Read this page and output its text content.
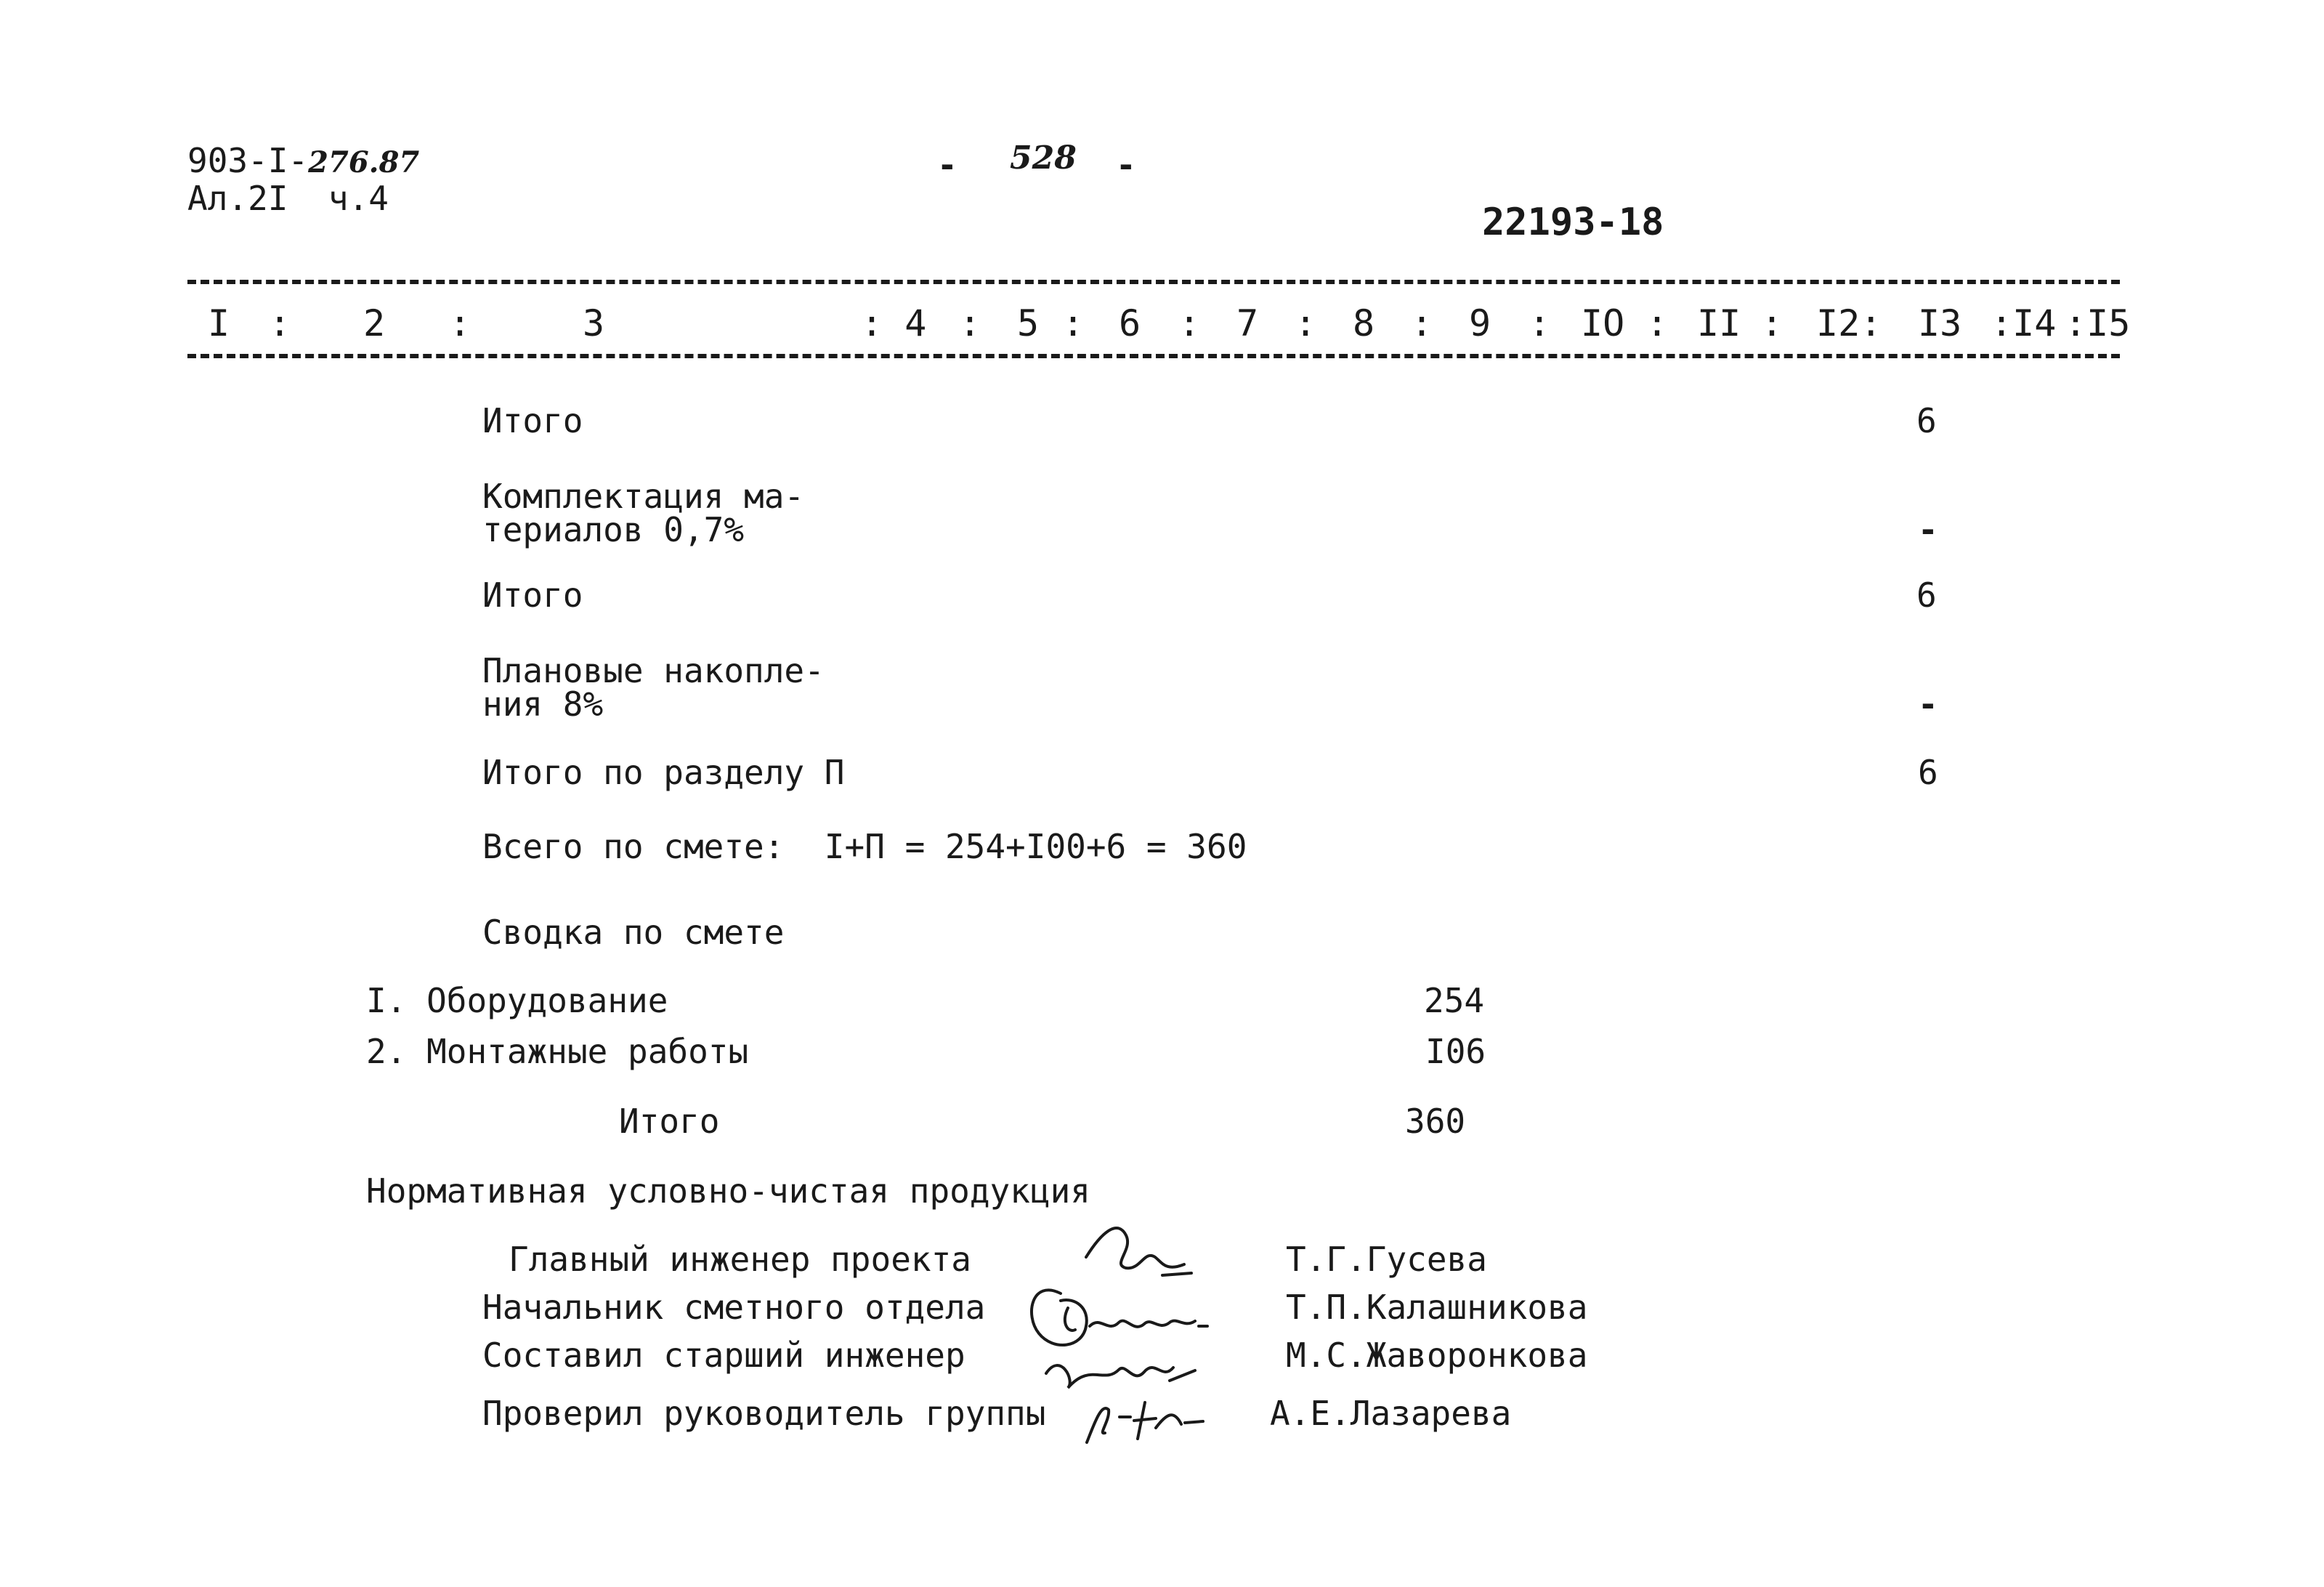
903-I-276.87
Ал.2I  ч.4
- 528 -
22193-18
I : 2 :	3	: 4 : 5 : 6 : 7 : 8 : 9 : IO : II : I2: I3 :I4 :I5
Итого	6
Комплектация ма-
териалов 0,7%	-
Итого	6
Плановые накопле-
ния 8%	-
Итого по разделу П	6
Всего по смете:  I+П = 254+I00+6 = 360
Сводка по смете
I. Оборудование	254
2. Монтажные работы	I06
Итого	360
Нормативная условно-чистая продукция
Главный инженер проекта	Т.Г.Гусева
Начальник сметного отдела	Т.П.Калашникова
Составил старший инженер	М.С.Жаворонкова
Проверил руководитель группы	А.Е.Лазарева
